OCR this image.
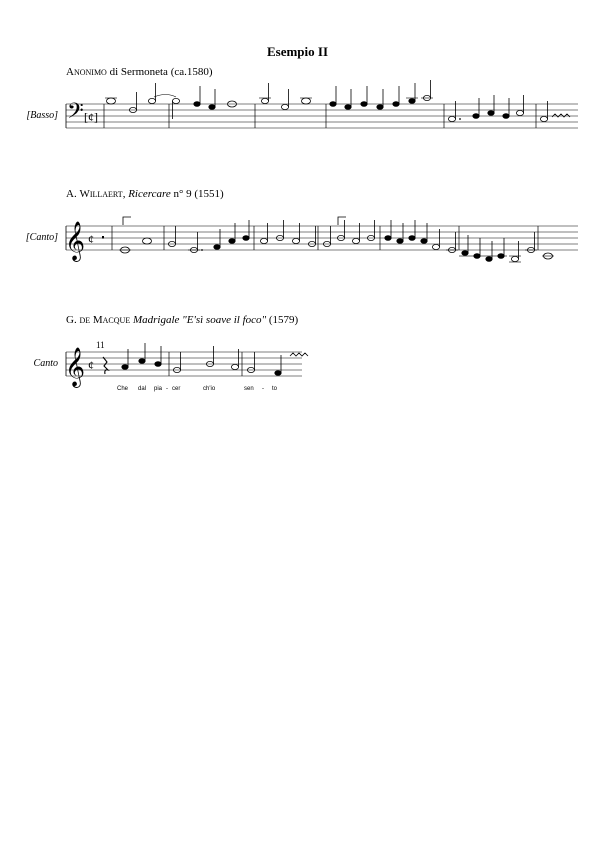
Esempio II
Anonimo di Sermoneta (ca.1580)
[Basso] 𝄢 [¢]
A. Willaert, Ricercare n° 9 (1551)
[Canto] 𝄞 ¢
G. de Macque Madrigale "E'sì soave il foco" (1579)
Canto
11
𝄞 ¢
Che dal pia - cer	ch'io	sen - to
